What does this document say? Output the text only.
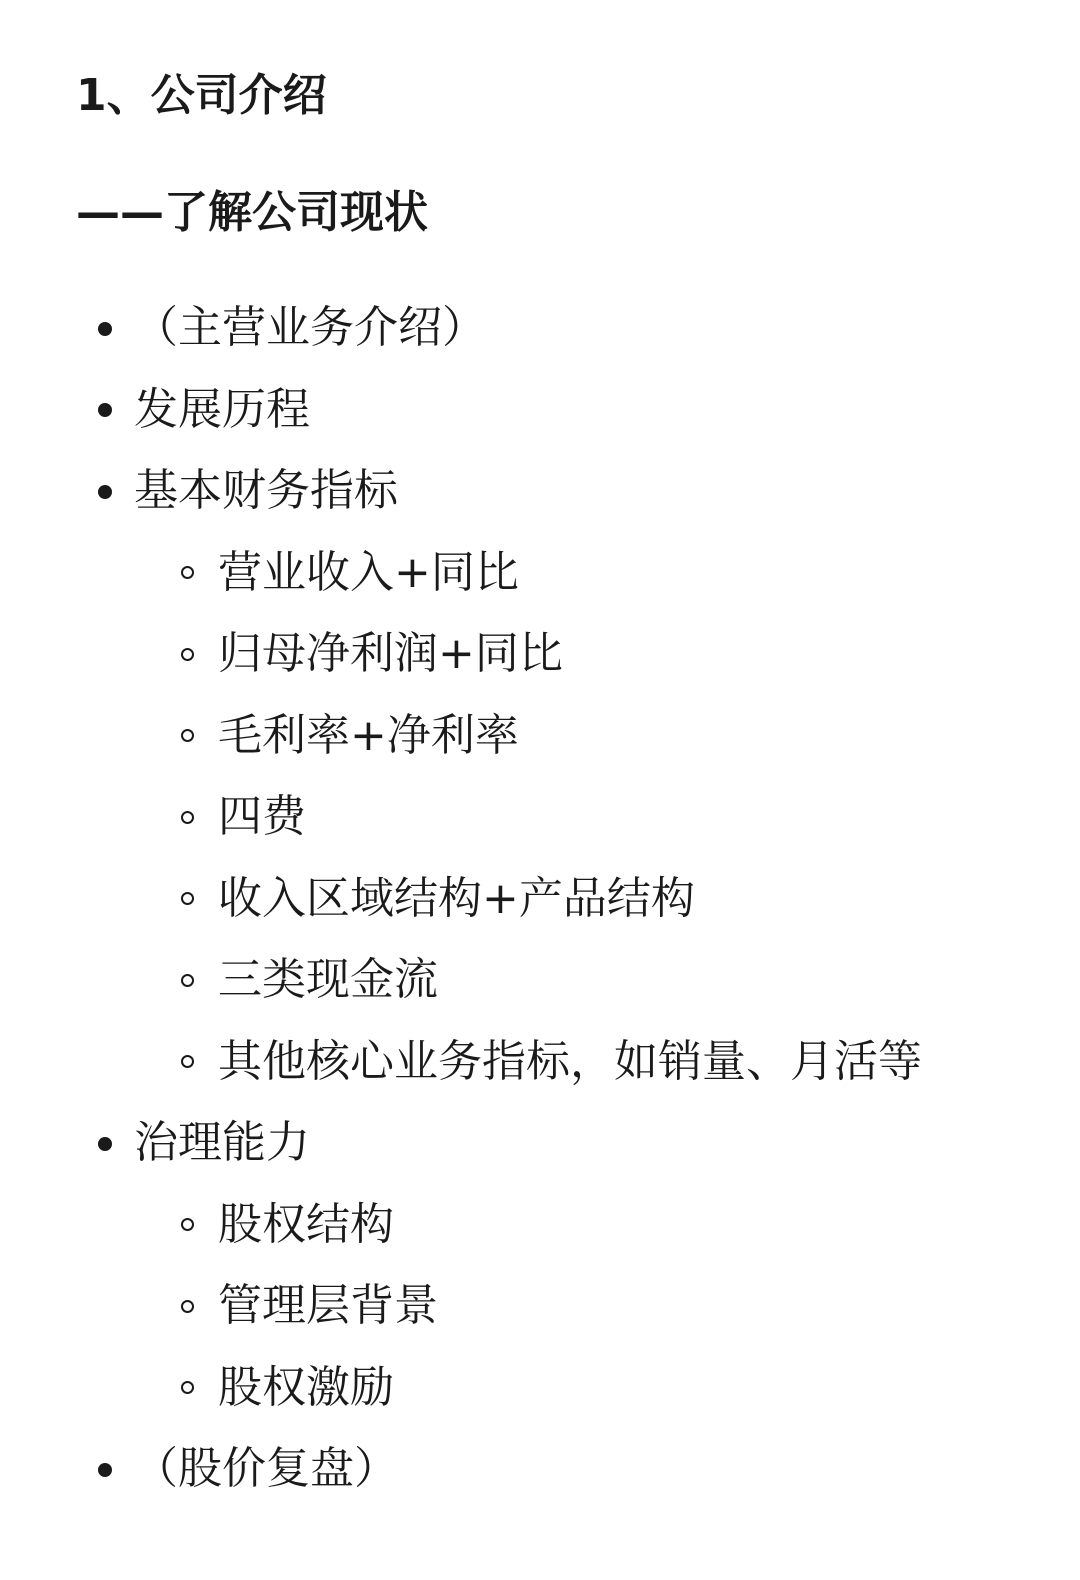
1、公司介绍
——了解公司现状
（主营业务介绍）
发展历程
基本财务指标
营业收入+同比
归母净利润+同比
毛利率+净利率
四费
收入区域结构+产品结构
三类现金流
其他核心业务指标，如销量、月活等
治理能力
股权结构
管理层背景
股权激励
（股价复盘）
